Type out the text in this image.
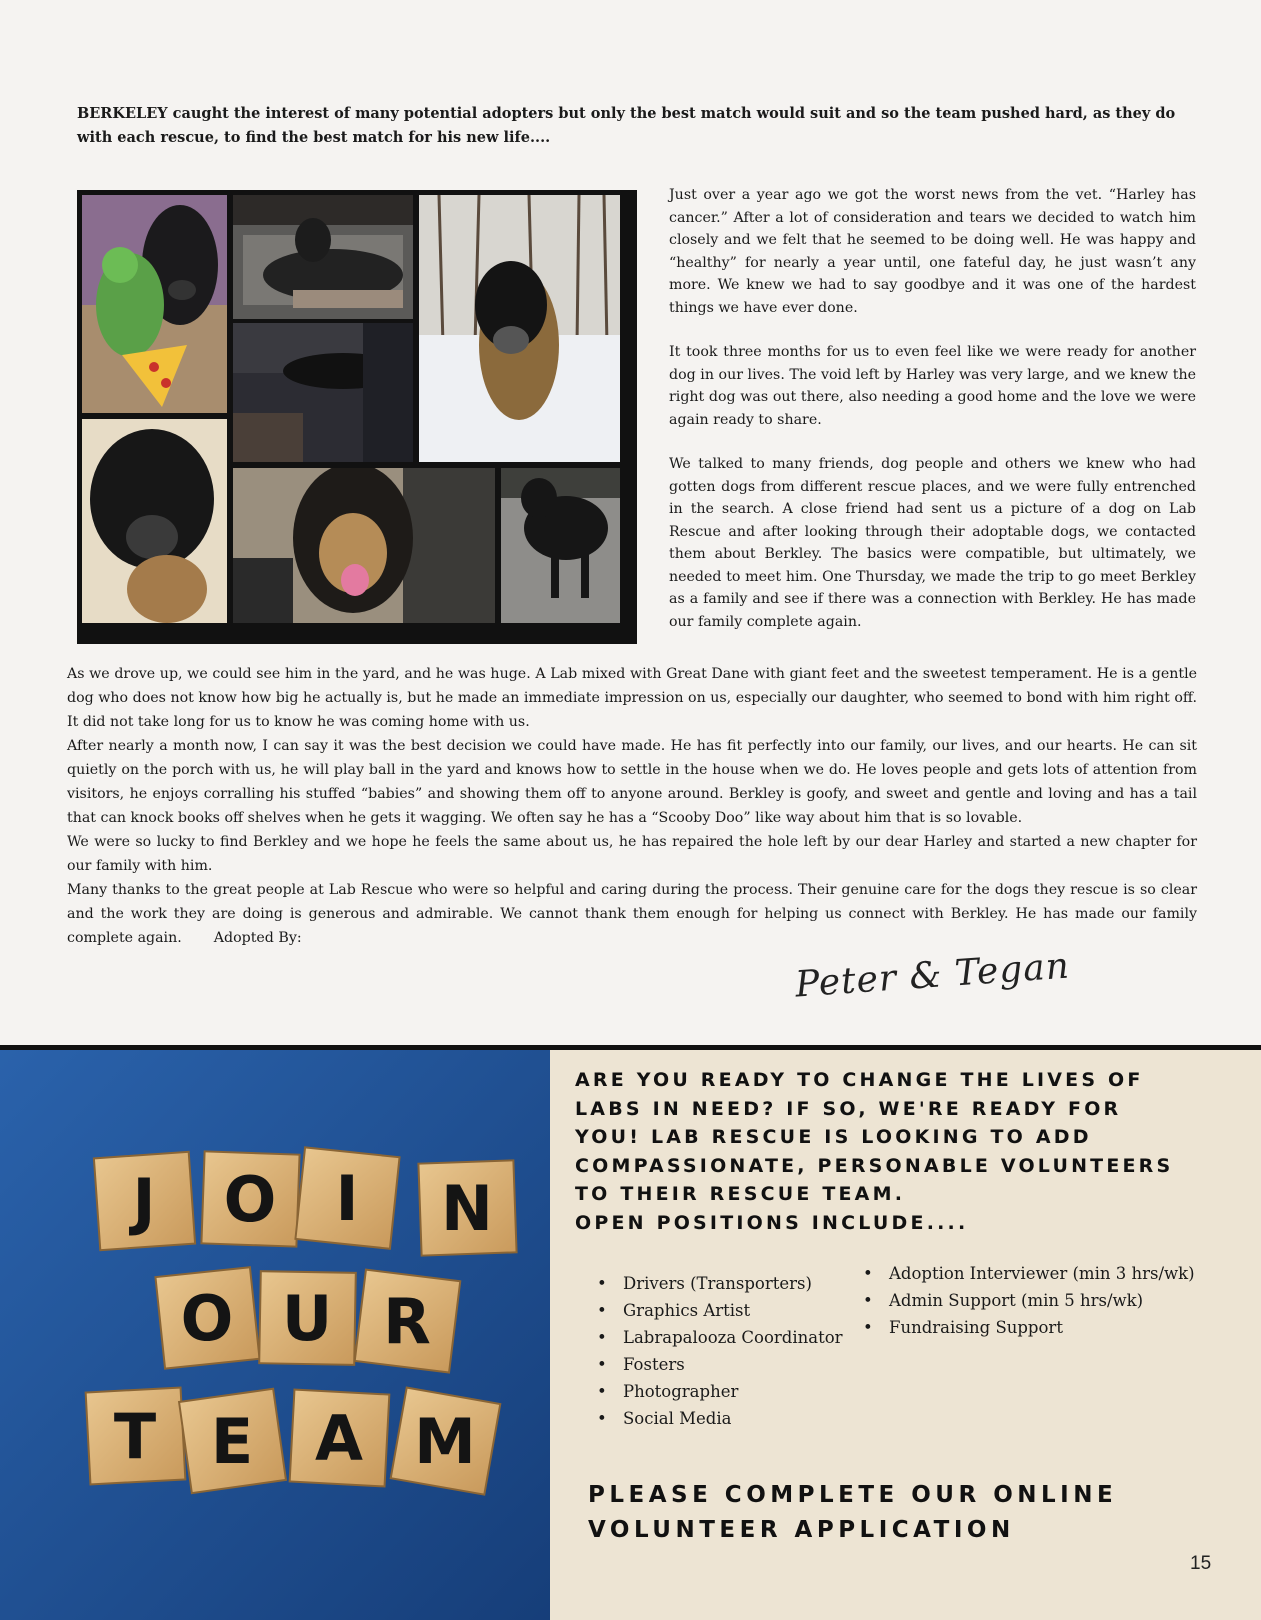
BERKELEY caught the interest of many potential adopters but only the best match would suit and so the team pushed hard, as they do with each rescue, to find the best match for his new life....

Just over a year ago we got the worst news from the vet. “Harley has cancer.” After a lot of consideration and tears we decided to watch him closely and we felt that he seemed to be doing well. He was happy and “healthy” for nearly a year until, one fateful day, he just wasn’t any more. We knew we had to say goodbye and it was one of the hardest things we have ever done.

It took three months for us to even feel like we were ready for another dog in our lives. The void left by Harley was very large, and we knew the right dog was out there, also needing a good home and the love we were again ready to share.

We talked to many friends, dog people and others we knew who had gotten dogs from different rescue places, and we were fully entrenched in the search. A close friend had sent us a picture of a dog on Lab Rescue and after looking through their adoptable dogs, we contacted them about Berkley. The basics were compatible, but ultimately, we needed to meet him. One Thursday, we made the trip to go meet Berkley as a family and see if there was a connection with Berkley. He has made our family complete again.

As we drove up, we could see him in the yard, and he was huge. A Lab mixed with Great Dane with giant feet and the sweetest temperament. He is a gentle dog who does not know how big he actually is, but he made an immediate impression on us, especially our daughter, who seemed to bond with him right off. It did not take long for us to know he was coming home with us.

After nearly a month now, I can say it was the best decision we could have made. He has fit perfectly into our family, our lives, and our hearts. He can sit quietly on the porch with us, he will play ball in the yard and knows how to settle in the house when we do. He loves people and gets lots of attention from visitors, he enjoys corralling his stuffed “babies” and showing them off to anyone around. Berkley is goofy, and sweet and gentle and loving and has a tail that can knock books off shelves when he gets it wagging. We often say he has a “Scooby Doo” like way about him that is so lovable.

We were so lucky to find Berkley and we hope he feels the same about us, he has repaired the hole left by our dear Harley and started a new chapter for our family with him.

Many thanks to the great people at Lab Rescue who were so helpful and caring during the process. Their genuine care for the dogs they rescue is so clear and the work they are doing is generous and admirable. We cannot thank them enough for helping us connect with Berkley. He has made our family complete again. Adopted By:

Peter & Tegan
J O I N
O U R
T E A M
ARE YOU READY TO CHANGE THE LIVES OF
LABS IN NEED? IF SO, WE'RE READY FOR
YOU! LAB RESCUE IS LOOKING TO ADD
COMPASSIONATE, PERSONABLE VOLUNTEERS
TO THEIR RESCUE TEAM.
OPEN POSITIONS INCLUDE....
• Drivers (Transporters)
• Graphics Artist
• Labrapalooza Coordinator
• Fosters
• Photographer
• Social Media
• Adoption Interviewer (min 3 hrs/wk)
• Admin Support (min 5 hrs/wk)
• Fundraising Support
PLEASE COMPLETE OUR ONLINE
VOLUNTEER APPLICATION
15
